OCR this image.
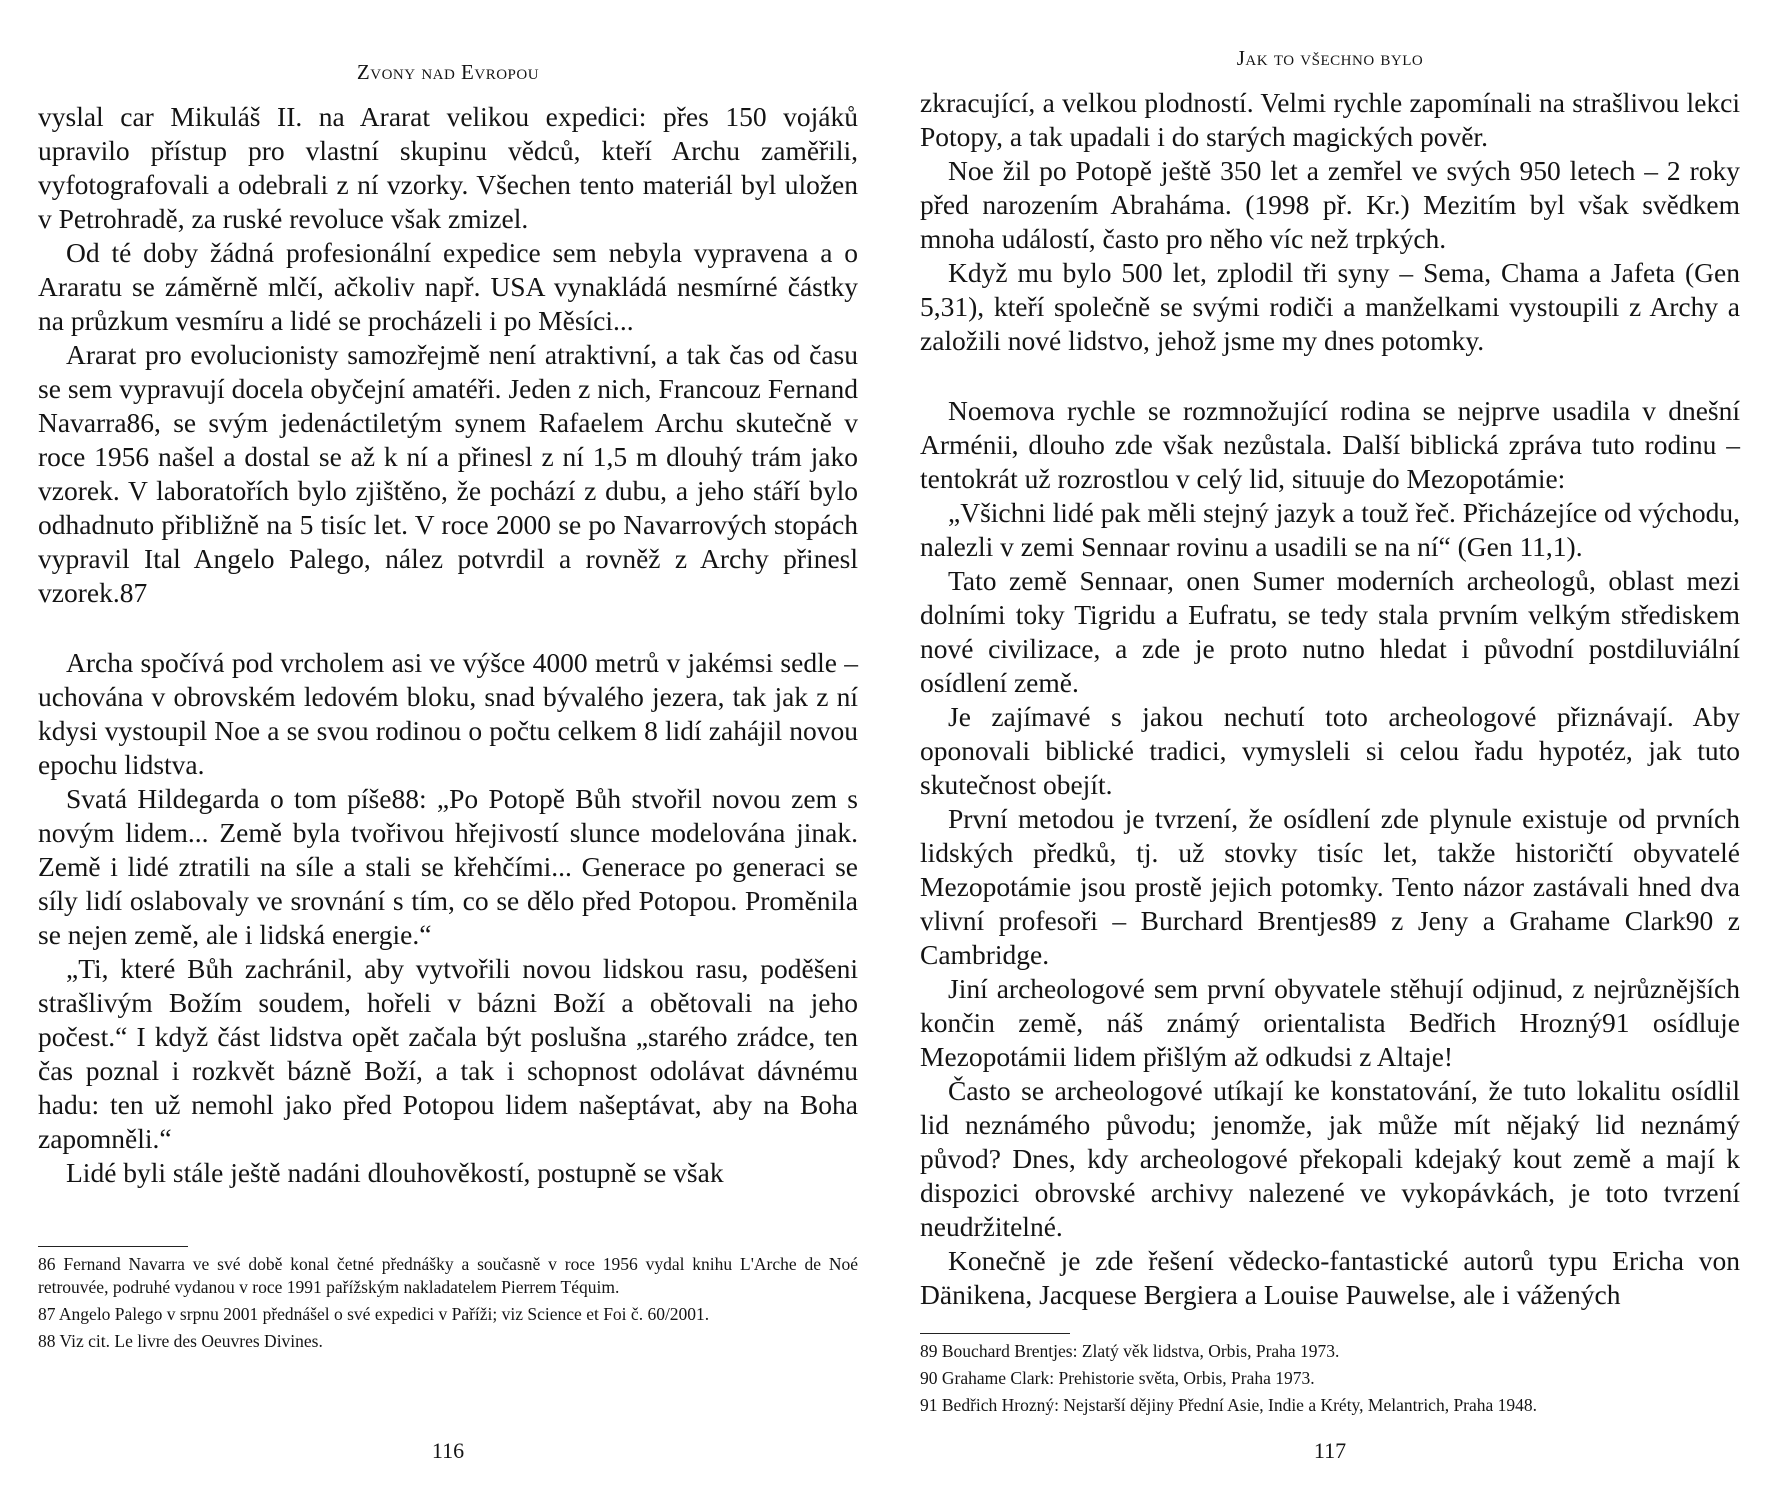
Zvony nad Evropou

vyslal car Mikuláš II. na Ararat velikou expedici: přes 150 vojáků upravilo přístup pro vlastní skupinu vědců, kteří Archu zaměřili, vyfotografovali a odebrali z ní vzorky. Všechen tento materiál byl uložen v Petrohradě, za ruské revoluce však zmizel.

Od té doby žádná profesionální expedice sem nebyla vypravena a o Araratu se záměrně mlčí, ačkoliv např. USA vynakládá nesmírné částky na průzkum vesmíru a lidé se procházeli i po Měsíci...

Ararat pro evolucionisty samozřejmě není atraktivní, a tak čas od času se sem vypravují docela obyčejní amatéři. Jeden z nich, Francouz Fernand Navarra86, se svým jedenáctiletým synem Rafaelem Archu skutečně v roce 1956 našel a dostal se až k ní a přinesl z ní 1,5 m dlouhý trám jako vzorek. V laboratořích bylo zjištěno, že pochází z dubu, a jeho stáří bylo odhadnuto přibližně na 5 tisíc let. V roce 2000 se po Navarrových stopách vypravil Ital Angelo Palego, nález potvrdil a rovněž z Archy přinesl vzorek.87

Archa spočívá pod vrcholem asi ve výšce 4000 metrů v jakémsi sedle – uchována v obrovském ledovém bloku, snad bývalého jezera, tak jak z ní kdysi vystoupil Noe a se svou rodinou o počtu celkem 8 lidí zahájil novou epochu lidstva.

Svatá Hildegarda o tom píše88: „Po Potopě Bůh stvořil novou zem s novým lidem... Země byla tvořivou hřejivostí slunce modelována jinak. Země i lidé ztratili na síle a stali se křehčími... Generace po generaci se síly lidí oslabovaly ve srovnání s tím, co se dělo před Potopou. Proměnila se nejen země, ale i lidská energie.“

„Ti, které Bůh zachránil, aby vytvořili novou lidskou rasu, poděšeni strašlivým Božím soudem, hořeli v bázni Boží a obětovali na jeho počest.“ I když část lidstva opět začala být poslušna „starého zrádce, ten čas poznal i rozkvět bázně Boží, a tak i schopnost odolávat dávnému hadu: ten už nemohl jako před Potopou lidem našeptávat, aby na Boha zapomněli.“

Lidé byli stále ještě nadáni dlouhověkostí, postupně se však

86 Fernand Navarra ve své době konal četné přednášky a současně v roce 1956 vydal knihu L'Arche de Noé retrouvée, podruhé vydanou v roce 1991 pařížským nakladatelem Pierrem Téquim.

87 Angelo Palego v srpnu 2001 přednášel o své expedici v Paříži; viz Science et Foi č. 60/2001.

88 Viz cit. Le livre des Oeuvres Divines.

116
Jak to všechno bylo

zkracující, a velkou plodností. Velmi rychle zapomínali na strašlivou lekci Potopy, a tak upadali i do starých magických pověr.

Noe žil po Potopě ještě 350 let a zemřel ve svých 950 letech – 2 roky před narozením Abraháma. (1998 př. Kr.) Mezitím byl však svědkem mnoha událostí, často pro něho víc než trpkých.

Když mu bylo 500 let, zplodil tři syny – Sema, Chama a Jafeta (Gen 5,31), kteří společně se svými rodiči a manželkami vystoupili z Archy a založili nové lidstvo, jehož jsme my dnes potomky.

Noemova rychle se rozmnožující rodina se nejprve usadila v dnešní Arménii, dlouho zde však nezůstala. Další biblická zpráva tuto rodinu – tentokrát už rozrostlou v celý lid, situuje do Mezopotámie:

„Všichni lidé pak měli stejný jazyk a touž řeč. Přicházejíce od východu, nalezli v zemi Sennaar rovinu a usadili se na ní“ (Gen 11,1).

Tato země Sennaar, onen Sumer moderních archeologů, oblast mezi dolními toky Tigridu a Eufratu, se tedy stala prvním velkým střediskem nové civilizace, a zde je proto nutno hledat i původní postdiluviální osídlení země.

Je zajímavé s jakou nechutí toto archeologové přiznávají. Aby oponovali biblické tradici, vymysleli si celou řadu hypotéz, jak tuto skutečnost obejít.

První metodou je tvrzení, že osídlení zde plynule existuje od prvních lidských předků, tj. už stovky tisíc let, takže historičtí obyvatelé Mezopotámie jsou prostě jejich potomky. Tento názor zastávali hned dva vlivní profesoři – Burchard Brentjes89 z Jeny a Grahame Clark90 z Cambridge.

Jiní archeologové sem první obyvatele stěhují odjinud, z nejrůznějších končin země, náš známý orientalista Bedřich Hrozný91 osídluje Mezopotámii lidem přišlým až odkudsi z Altaje!

Často se archeologové utíkají ke konstatování, že tuto lokalitu osídlil lid neznámého původu; jenomže, jak může mít nějaký lid neznámý původ? Dnes, kdy archeologové překopali kdejaký kout země a mají k dispozici obrovské archivy nalezené ve vykopávkách, je toto tvrzení neudržitelné.

Konečně je zde řešení vědecko-fantastické autorů typu Ericha von Dänikena, Jacquese Bergiera a Louise Pauwelse, ale i vážených

89 Bouchard Brentjes: Zlatý věk lidstva, Orbis, Praha 1973.

90 Grahame Clark: Prehistorie světa, Orbis, Praha 1973.

91 Bedřich Hrozný: Nejstarší dějiny Přední Asie, Indie a Kréty, Melantrich, Praha 1948.

117
